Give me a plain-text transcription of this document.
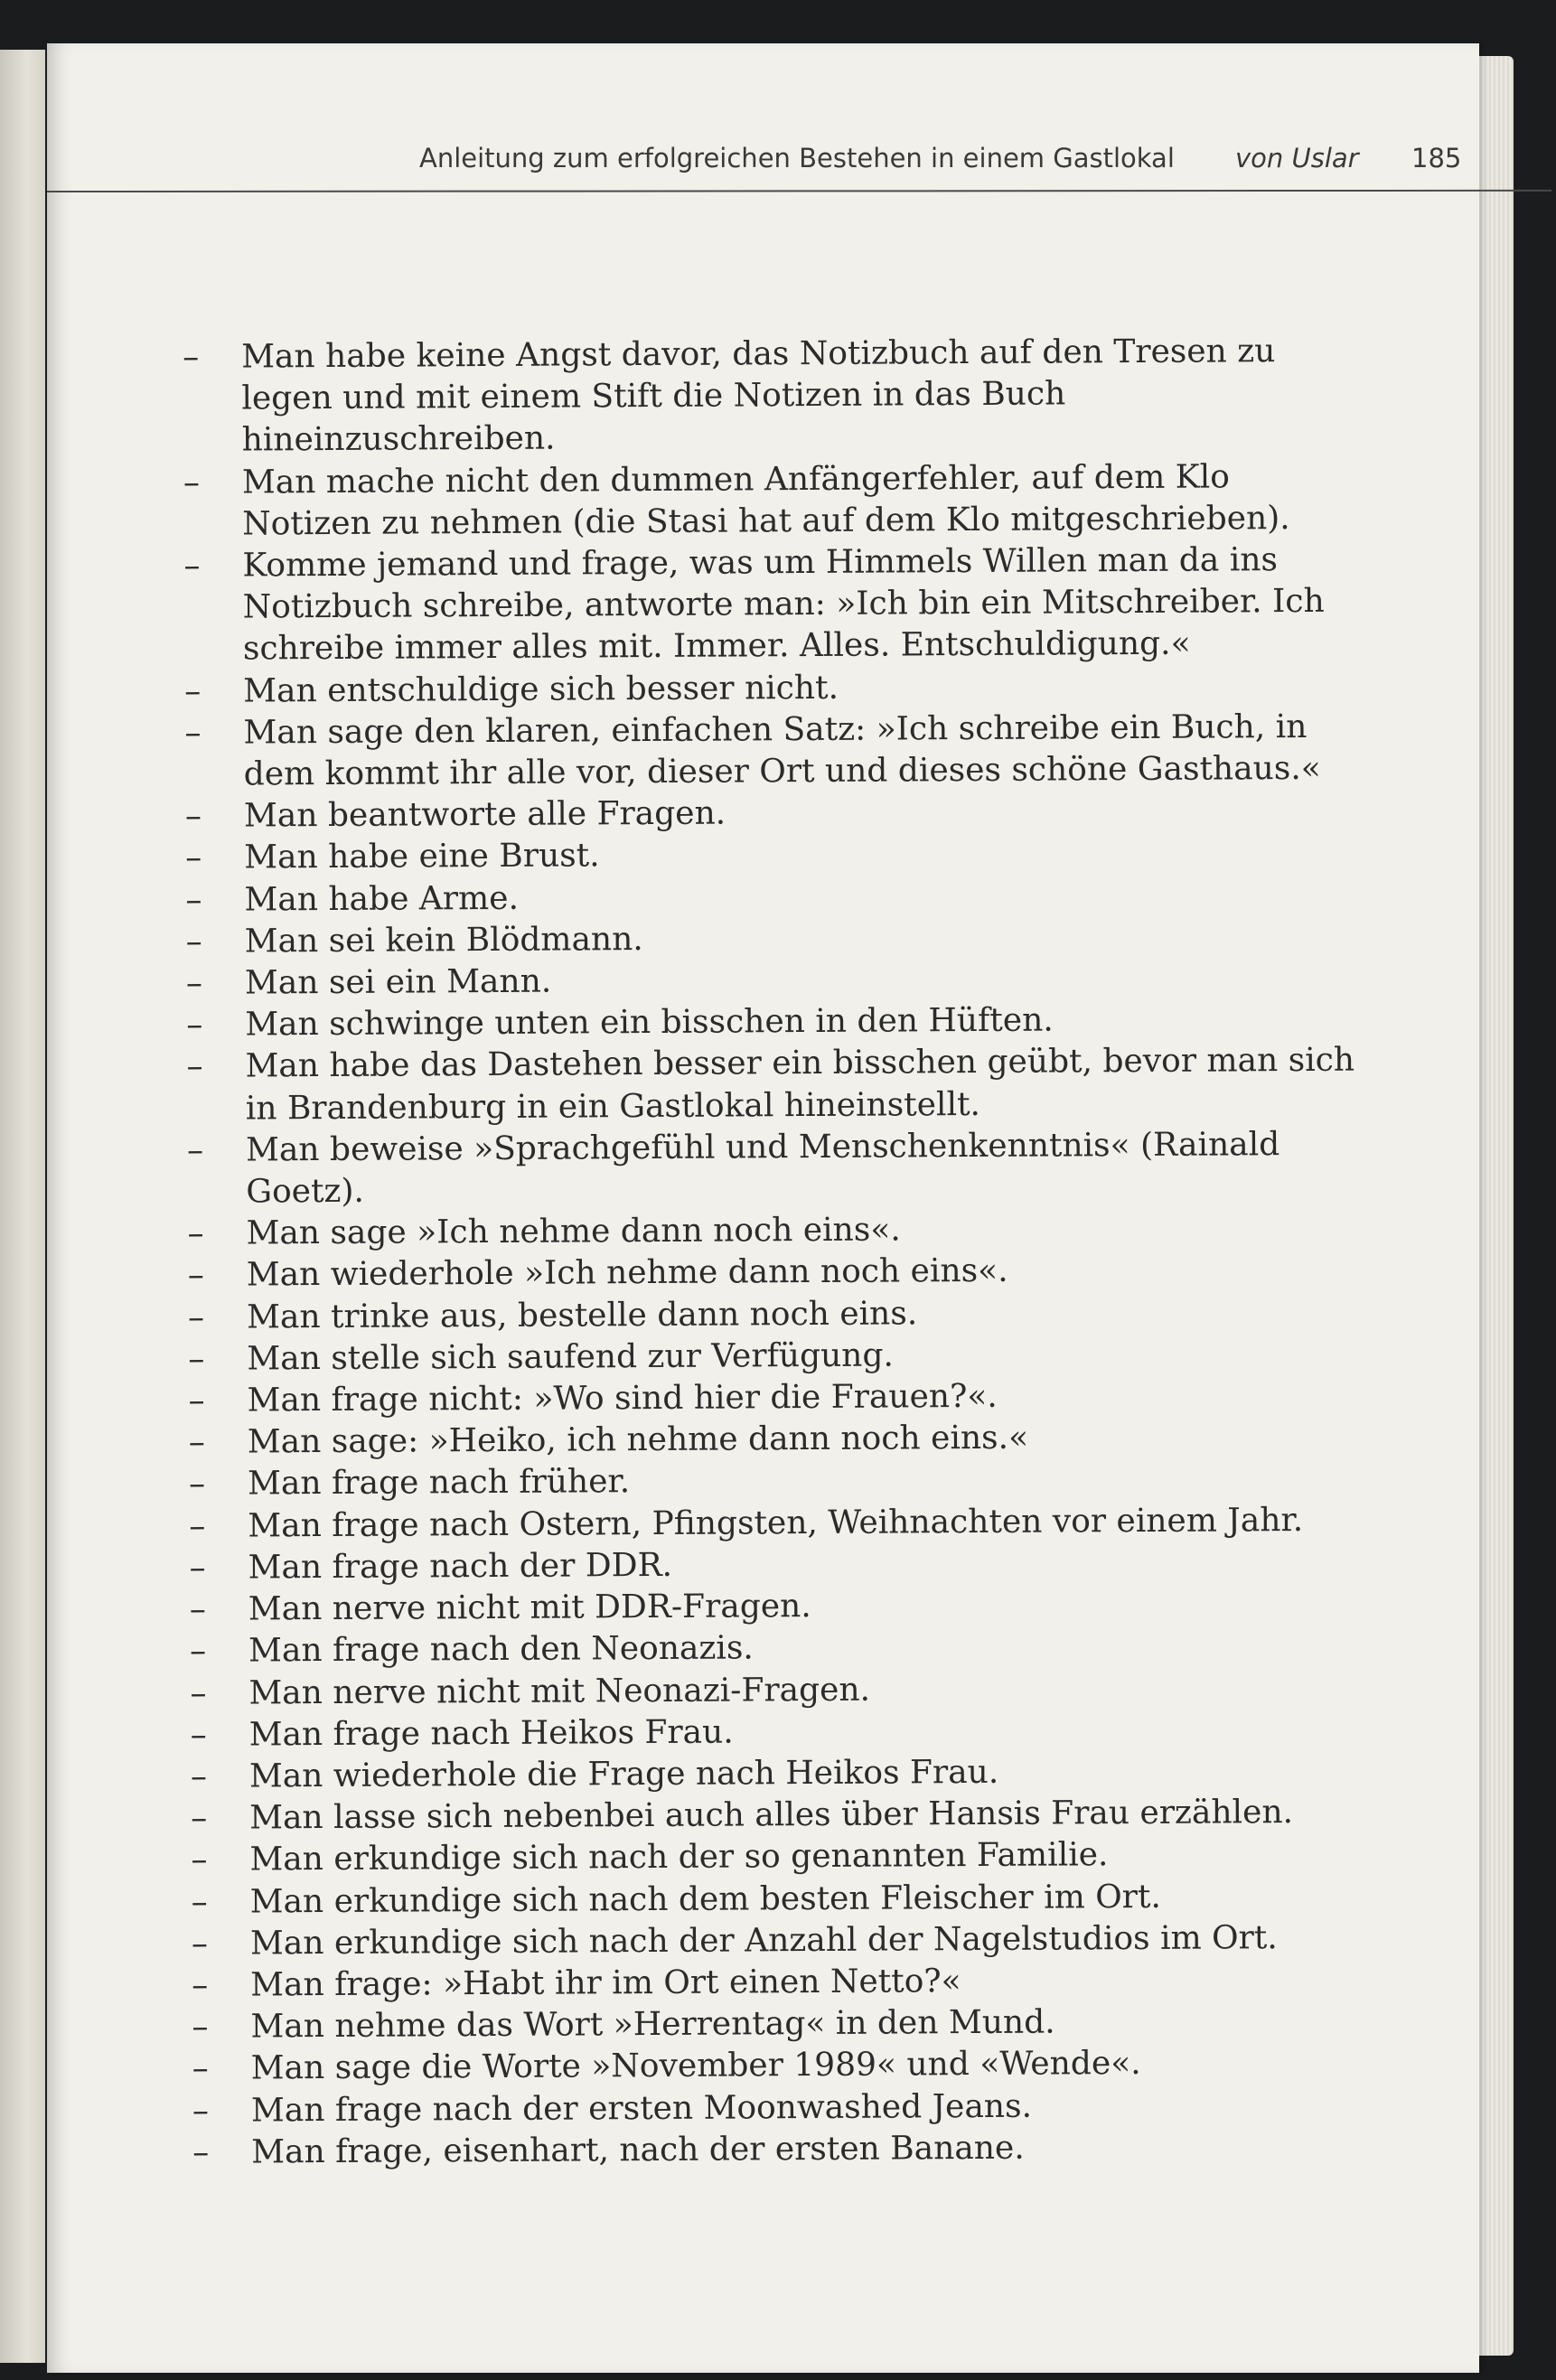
Anleitung zum erfolgreichen Bestehen in einem Gastlokal von Uslar 185
– Man habe keine Angst davor, das Notizbuch auf den Tresen zu legen und mit einem Stift die Notizen in das Buch hineinzuschreiben.
– Man mache nicht den dummen Anfängerfehler, auf dem Klo Notizen zu nehmen (die Stasi hat auf dem Klo mitgeschrieben).
– Komme jemand und frage, was um Himmels Willen man da ins Notizbuch schreibe, antworte man: »Ich bin ein Mitschreiber. Ich schreibe immer alles mit. Immer. Alles. Entschuldigung.«
– Man entschuldige sich besser nicht.
– Man sage den klaren, einfachen Satz: »Ich schreibe ein Buch, in dem kommt ihr alle vor, dieser Ort und dieses schöne Gasthaus.«
– Man beantworte alle Fragen.
– Man habe eine Brust.
– Man habe Arme.
– Man sei kein Blödmann.
– Man sei ein Mann.
– Man schwinge unten ein bisschen in den Hüften.
– Man habe das Dastehen besser ein bisschen geübt, bevor man sich in Brandenburg in ein Gastlokal hineinstellt.
– Man beweise »Sprachgefühl und Menschenkenntnis« (Rainald Goetz).
– Man sage »Ich nehme dann noch eins«.
– Man wiederhole »Ich nehme dann noch eins«.
– Man trinke aus, bestelle dann noch eins.
– Man stelle sich saufend zur Verfügung.
– Man frage nicht: »Wo sind hier die Frauen?«.
– Man sage: »Heiko, ich nehme dann noch eins.«
– Man frage nach früher.
– Man frage nach Ostern, Pfingsten, Weihnachten vor einem Jahr.
– Man frage nach der DDR.
– Man nerve nicht mit DDR-Fragen.
– Man frage nach den Neonazis.
– Man nerve nicht mit Neonazi-Fragen.
– Man frage nach Heikos Frau.
– Man wiederhole die Frage nach Heikos Frau.
– Man lasse sich nebenbei auch alles über Hansis Frau erzählen.
– Man erkundige sich nach der so genannten Familie.
– Man erkundige sich nach dem besten Fleischer im Ort.
– Man erkundige sich nach der Anzahl der Nagelstudios im Ort.
– Man frage: »Habt ihr im Ort einen Netto?«
– Man nehme das Wort »Herrentag« in den Mund.
– Man sage die Worte »November 1989« und «Wende«.
– Man frage nach der ersten Moonwashed Jeans.
– Man frage, eisenhart, nach der ersten Banane.
